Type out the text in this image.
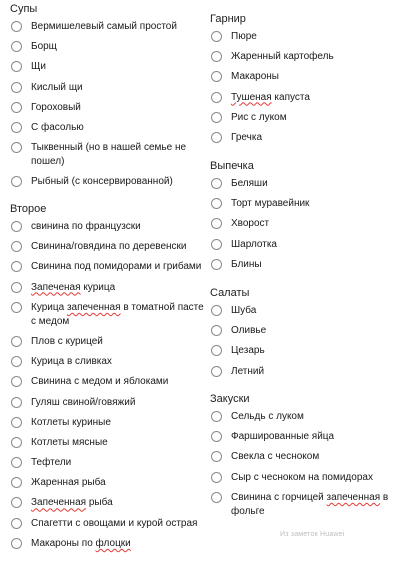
Супы
Вермишелевый самый простой
Борщ
Щи
Кислый щи
Гороховый
С фасолью
Тыквенный (но в нашей семье не пошел)
Рыбный (с консервированной)
Второе
свинина по французски
Свинина/говядина по деревенски
Свинина под помидорами и грибами
Запеченая курица
Курица запеченная в томатной пасте с медом
Плов с курицей
Курица в сливках
Свинина с медом и яблоками
Гуляш свиной/говяжий
Котлеты куриные
Котлеты мясные
Тефтели
Жаренная рыба
Запеченная рыба
Спагетти с овощами и курой острая
Макароны по флоцки
Гарнир
Пюре
Жаренный картофель
Макароны
Тушеная капуста
Рис с луком
Гречка
Выпечка
Беляши
Торт муравейник
Хворост
Шарлотка
Блины
Салаты
Шуба
Оливье
Цезарь
Летний
Закуски
Сельдь с луком
Фаршированные яйца
Свекла с чесноком
Сыр с чесноком на помидорах
Свинина с горчицей запеченная в фольге
Из заметок Huawei
